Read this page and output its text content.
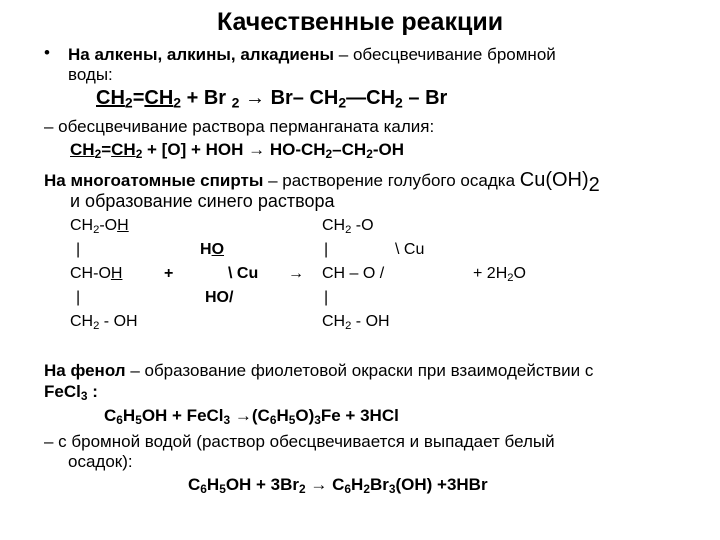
Качественные реакции
• На алкены, алкины, алкадиены – обесцвечивание бромной
воды:
$CH_2=CH_2 + Br$ $_2$ → Br– $CH_2—CH_2$ – Br
– обесцвечивание раствора перманганата калия:
$CH_2=CH_2 + [O]$ + HOH → $HO-CH_2-CH_2-OH$
На многоатомные спирты – растворение голубого осадка $Cu(OH)_2$
и образование синего раствора
$CH_2-OH$
|
CH-OH
|
$CH_2$ - OH
+
HO
\ Cu
HO/
→
$CH_2$ -O
|	\ Cu
CH – O /
|
$CH_2$ - OH
+ $2H_2O$
На фенол – образование фиолетовой окраски при взаимодействии с
FeCl$_3$ :
$C_6H_5OH$ + FeCl$_3$ $\to(C_6H_5O)_3Fe + 3HCl$
– с бромной водой (раствор обесцвечивается и выпадает белый
осадок):
$C_6H_5OH + 3Br_2 \to C_6H_2Br_3(OH) +3HBr$
